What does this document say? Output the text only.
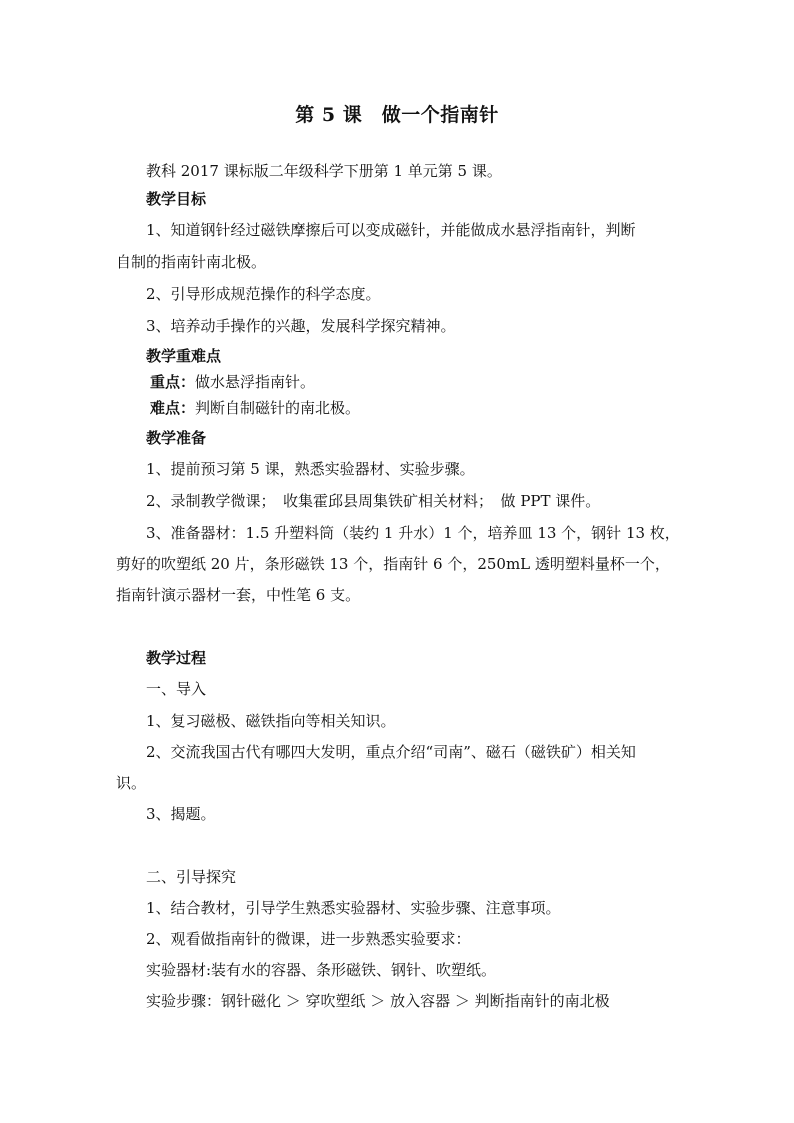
第 5 课　做一个指南针
教科 2017 课标版二年级科学下册第 1 单元第 5 课。
教学目标
1、知道钢针经过磁铁摩擦后可以变成磁针，并能做成水悬浮指南针，判断
自制的指南针南北极。
2、引导形成规范操作的科学态度。
3、培养动手操作的兴趣，发展科学探究精神。
教学重难点
重点：做水悬浮指南针。
难点：判断自制磁针的南北极。
教学准备
1、提前预习第 5 课，熟悉实验器材、实验步骤。
2、录制教学微课；　收集霍邱县周集铁矿相关材料；　做 PPT 课件。
3、准备器材：1.5 升塑料筒（装约 1 升水）1 个，培养皿 13 个，钢针 13 枚，
剪好的吹塑纸 20 片，条形磁铁 13 个，指南针 6 个，250mL 透明塑料量杯一个，
指南针演示器材一套，中性笔 6 支。
教学过程
一、导入
1、复习磁极、磁铁指向等相关知识。
2、交流我国古代有哪四大发明，重点介绍“司南”、磁石（磁铁矿）相关知
识。
3、揭题。
二、引导探究
1、结合教材，引导学生熟悉实验器材、实验步骤、注意事项。
2、观看做指南针的微课，进一步熟悉实验要求：
实验器材:装有水的容器、条形磁铁、钢针、吹塑纸。
实验步骤：钢针磁化 ＞ 穿吹塑纸 ＞ 放入容器 ＞ 判断指南针的南北极
